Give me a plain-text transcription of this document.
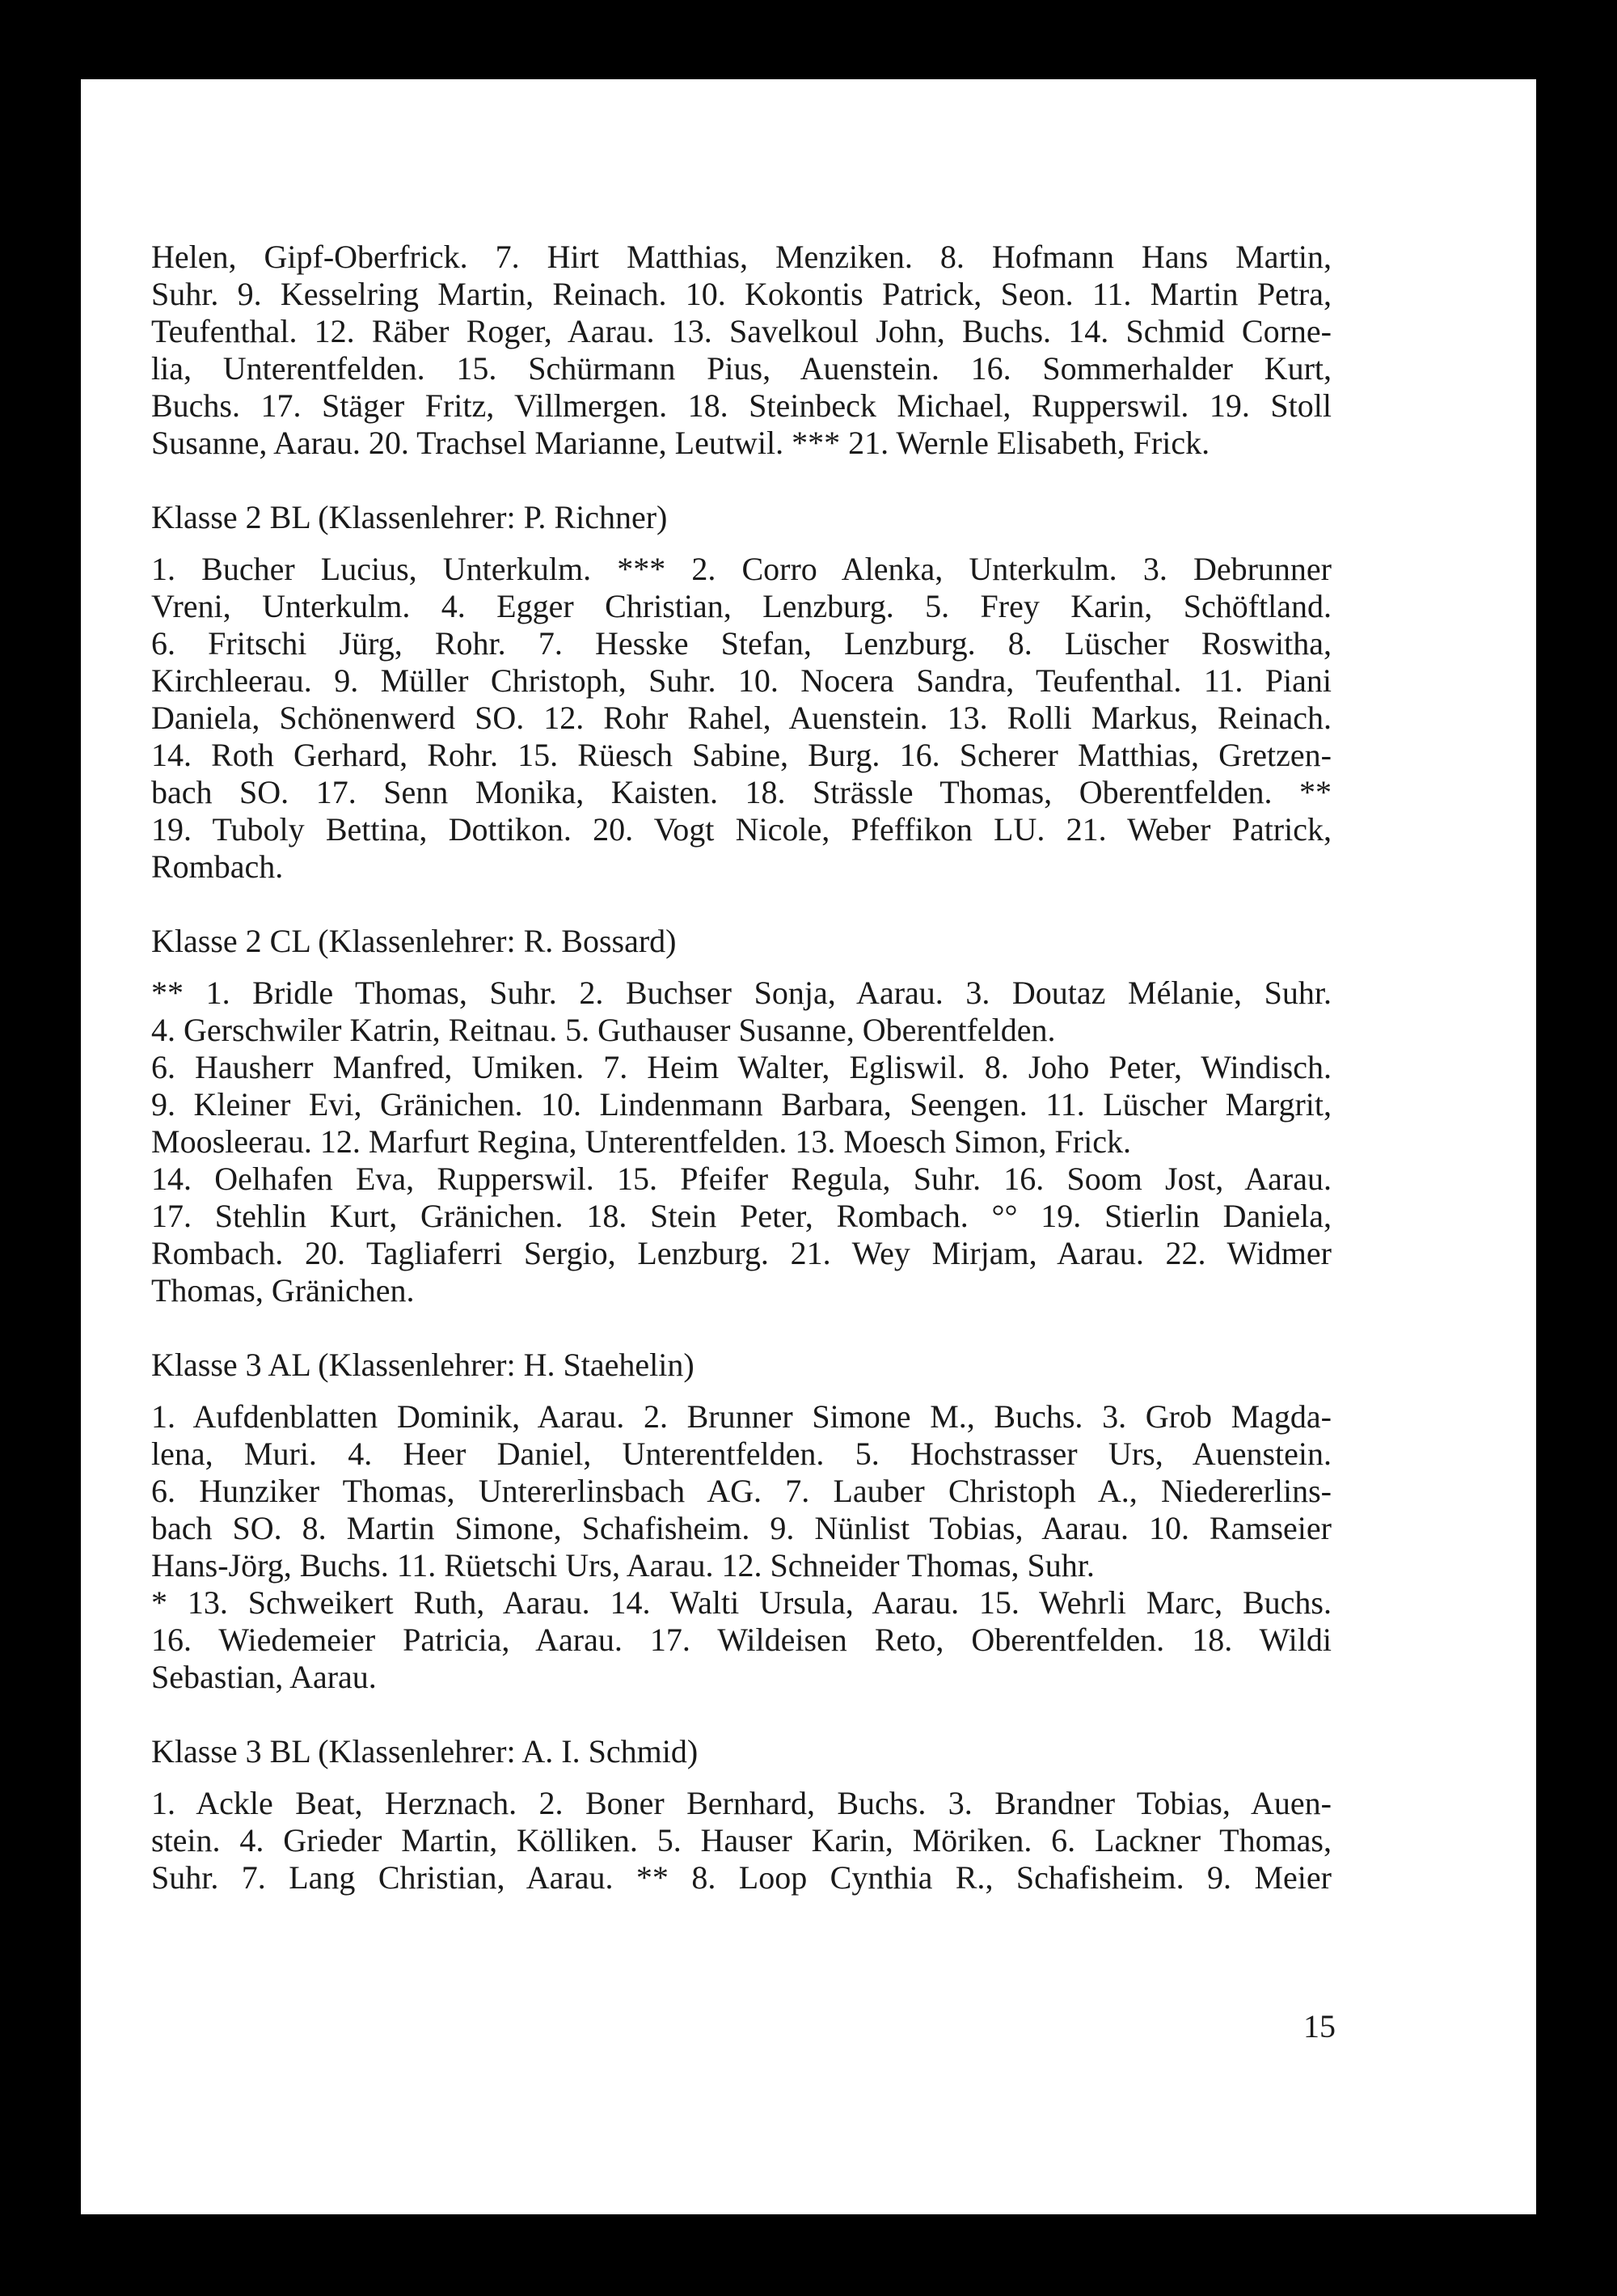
Helen, Gipf-Oberfrick. 7. Hirt Matthias, Menziken. 8. Hofmann Hans Martin,
Suhr. 9. Kesselring Martin, Reinach. 10. Kokontis Patrick, Seon. 11. Martin Petra,
Teufenthal. 12. Räber Roger, Aarau. 13. Savelkoul John, Buchs. 14. Schmid Corne-
lia, Unterentfelden. 15. Schürmann Pius, Auenstein. 16. Sommerhalder Kurt,
Buchs. 17. Stäger Fritz, Villmergen. 18. Steinbeck Michael, Rupperswil. 19. Stoll
Susanne, Aarau. 20. Trachsel Marianne, Leutwil. *** 21. Wernle Elisabeth, Frick.
Klasse 2 BL (Klassenlehrer: P. Richner)
1. Bucher Lucius, Unterkulm. *** 2. Corro Alenka, Unterkulm. 3. Debrunner
Vreni, Unterkulm. 4. Egger Christian, Lenzburg. 5. Frey Karin, Schöftland.
6. Fritschi Jürg, Rohr. 7. Hesske Stefan, Lenzburg. 8. Lüscher Roswitha,
Kirchleerau. 9. Müller Christoph, Suhr. 10. Nocera Sandra, Teufenthal. 11. Piani
Daniela, Schönenwerd SO. 12. Rohr Rahel, Auenstein. 13. Rolli Markus, Reinach.
14. Roth Gerhard, Rohr. 15. Rüesch Sabine, Burg. 16. Scherer Matthias, Gretzen-
bach SO. 17. Senn Monika, Kaisten. 18. Strässle Thomas, Oberentfelden. **
19. Tuboly Bettina, Dottikon. 20. Vogt Nicole, Pfeffikon LU. 21. Weber Patrick,
Rombach.
Klasse 2 CL (Klassenlehrer: R. Bossard)
** 1. Bridle Thomas, Suhr. 2. Buchser Sonja, Aarau. 3. Doutaz Mélanie, Suhr.
4. Gerschwiler Katrin, Reitnau. 5. Guthauser Susanne, Oberentfelden.
6. Hausherr Manfred, Umiken. 7. Heim Walter, Egliswil. 8. Joho Peter, Windisch.
9. Kleiner Evi, Gränichen. 10. Lindenmann Barbara, Seengen. 11. Lüscher Margrit,
Moosleerau. 12. Marfurt Regina, Unterentfelden. 13. Moesch Simon, Frick.
14. Oelhafen Eva, Rupperswil. 15. Pfeifer Regula, Suhr. 16. Soom Jost, Aarau.
17. Stehlin Kurt, Gränichen. 18. Stein Peter, Rombach. °° 19. Stierlin Daniela,
Rombach. 20. Tagliaferri Sergio, Lenzburg. 21. Wey Mirjam, Aarau. 22. Widmer
Thomas, Gränichen.
Klasse 3 AL (Klassenlehrer: H. Staehelin)
1. Aufdenblatten Dominik, Aarau. 2. Brunner Simone M., Buchs. 3. Grob Magda-
lena, Muri. 4. Heer Daniel, Unterentfelden. 5. Hochstrasser Urs, Auenstein.
6. Hunziker Thomas, Untererlinsbach AG. 7. Lauber Christoph A., Niedererlins-
bach SO. 8. Martin Simone, Schafisheim. 9. Nünlist Tobias, Aarau. 10. Ramseier
Hans-Jörg, Buchs. 11. Rüetschi Urs, Aarau. 12. Schneider Thomas, Suhr.
* 13. Schweikert Ruth, Aarau. 14. Walti Ursula, Aarau. 15. Wehrli Marc, Buchs.
16. Wiedemeier Patricia, Aarau. 17. Wildeisen Reto, Oberentfelden. 18. Wildi
Sebastian, Aarau.
Klasse 3 BL (Klassenlehrer: A. I. Schmid)
1. Ackle Beat, Herznach. 2. Boner Bernhard, Buchs. 3. Brandner Tobias, Auen-
stein. 4. Grieder Martin, Kölliken. 5. Hauser Karin, Möriken. 6. Lackner Thomas,
Suhr. 7. Lang Christian, Aarau. ** 8. Loop Cynthia R., Schafisheim. 9. Meier
15
